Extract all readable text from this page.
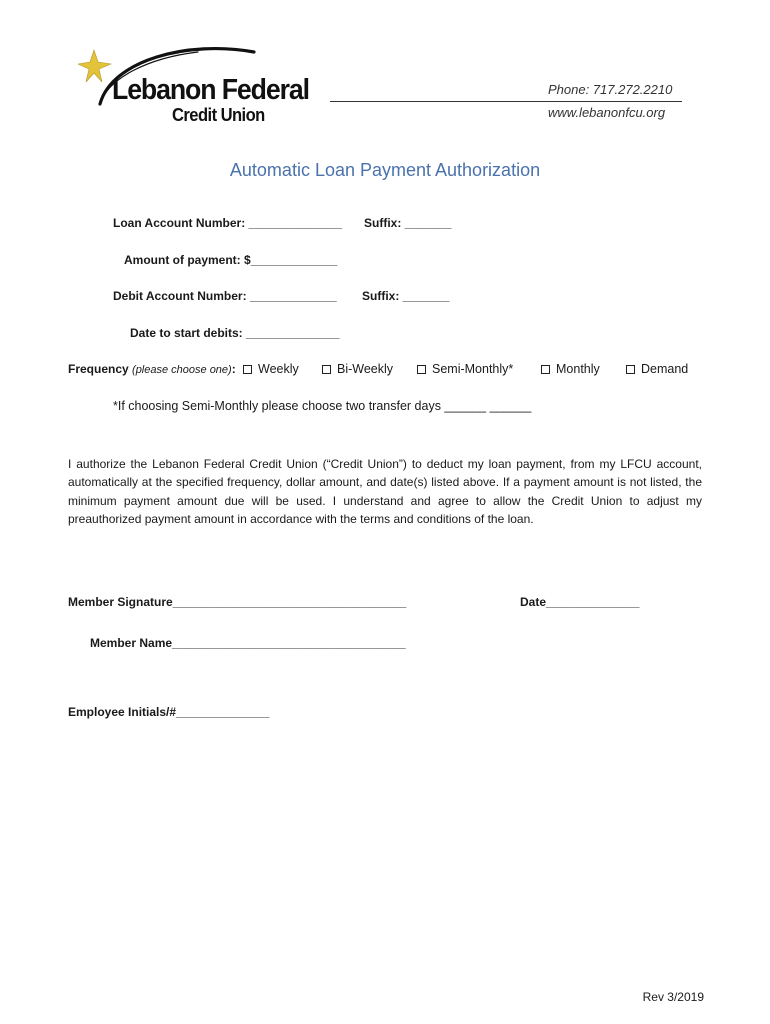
Lebanon Federal
Credit Union
Phone: 717.272.2210
www.lebanonfcu.org
Automatic Loan Payment Authorization
Loan Account Number: ______________ Suffix: _______
Amount of payment: $_____________
Debit Account Number: _____________ Suffix: _______
Date to start debits: ______________
Frequency (please choose one): Weekly	Bi-Weekly	Semi-Monthly*	Monthly	Demand
*If choosing Semi-Monthly please choose two transfer days ______ ______
I authorize the Lebanon Federal Credit Union (“Credit Union”) to deduct my loan payment, from my LFCU account, automatically at the specified frequency, dollar amount, and date(s) listed above. If a payment amount is not listed, the minimum payment amount due will be used. I understand and agree to allow the Credit Union to adjust my preauthorized payment amount in accordance with the terms and conditions of the loan.
Member Signature___________________________________	Date______________
Member Name___________________________________
Employee Initials/#______________
Rev 3/2019
